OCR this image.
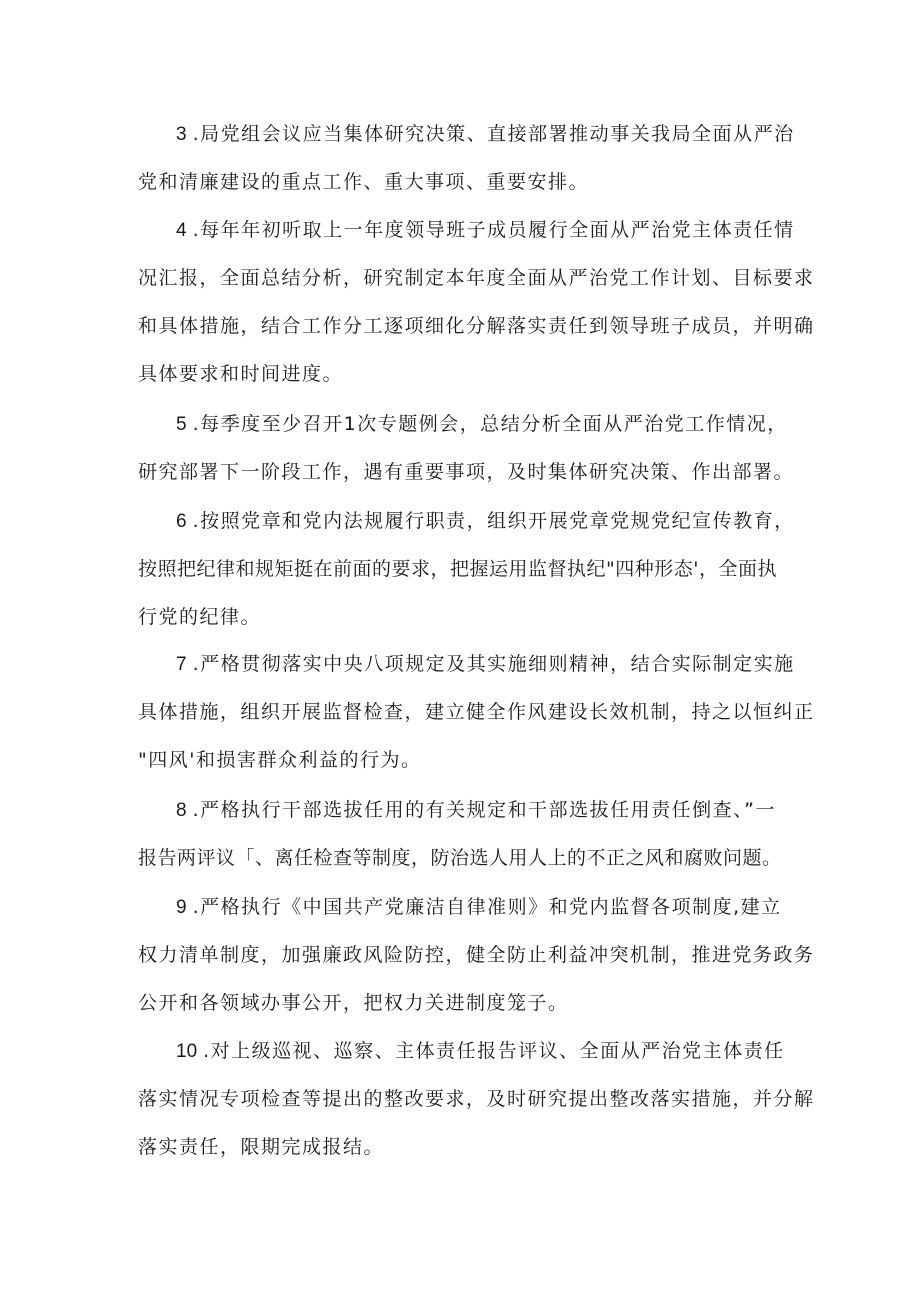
3 .局党组会议应当集体研究决策、直接部署推动事关我局全面从严治
党和清廉建设的重点工作、重大事项、重要安排。
4 .每年年初听取上一年度领导班子成员履行全面从严治党主体责任情
况汇报，全面总结分析，研究制定本年度全面从严治党工作计划、目标要求
和具体措施，结合工作分工逐项细化分解落实责任到领导班子成员，并明确
具体要求和时间进度。
5 .每季度至少召开1次专题例会，总结分析全面从严治党工作情况，
研究部署下一阶段工作，遇有重要事项，及时集体研究决策、作出部署。
6 .按照党章和党内法规履行职责，组织开展党章党规党纪宣传教育，
按照把纪律和规矩挺在前面的要求，把握运用监督执纪"四种形态'，全面执
行党的纪律。
7 .严格贯彻落实中央八项规定及其实施细则精神，结合实际制定实施
具体措施，组织开展监督检查，建立健全作风建设长效机制，持之以恒纠正
"四风'和损害群众利益的行为。
8 .严格执行干部选拔任用的有关规定和干部选拔任用责任倒查、”一
报告两评议「、离任检查等制度，防治选人用人上的不正之风和腐败问题。
9 .严格执行《中国共产党廉洁自律准则》和党内监督各项制度,建立
权力清单制度，加强廉政风险防控，健全防止利益冲突机制，推进党务政务
公开和各领域办事公开，把权力关进制度笼子。
10 .对上级巡视、巡察、主体责任报告评议、全面从严治党主体责任
落实情况专项检查等提出的整改要求，及时研究提出整改落实措施，并分解
落实责任，限期完成报结。
